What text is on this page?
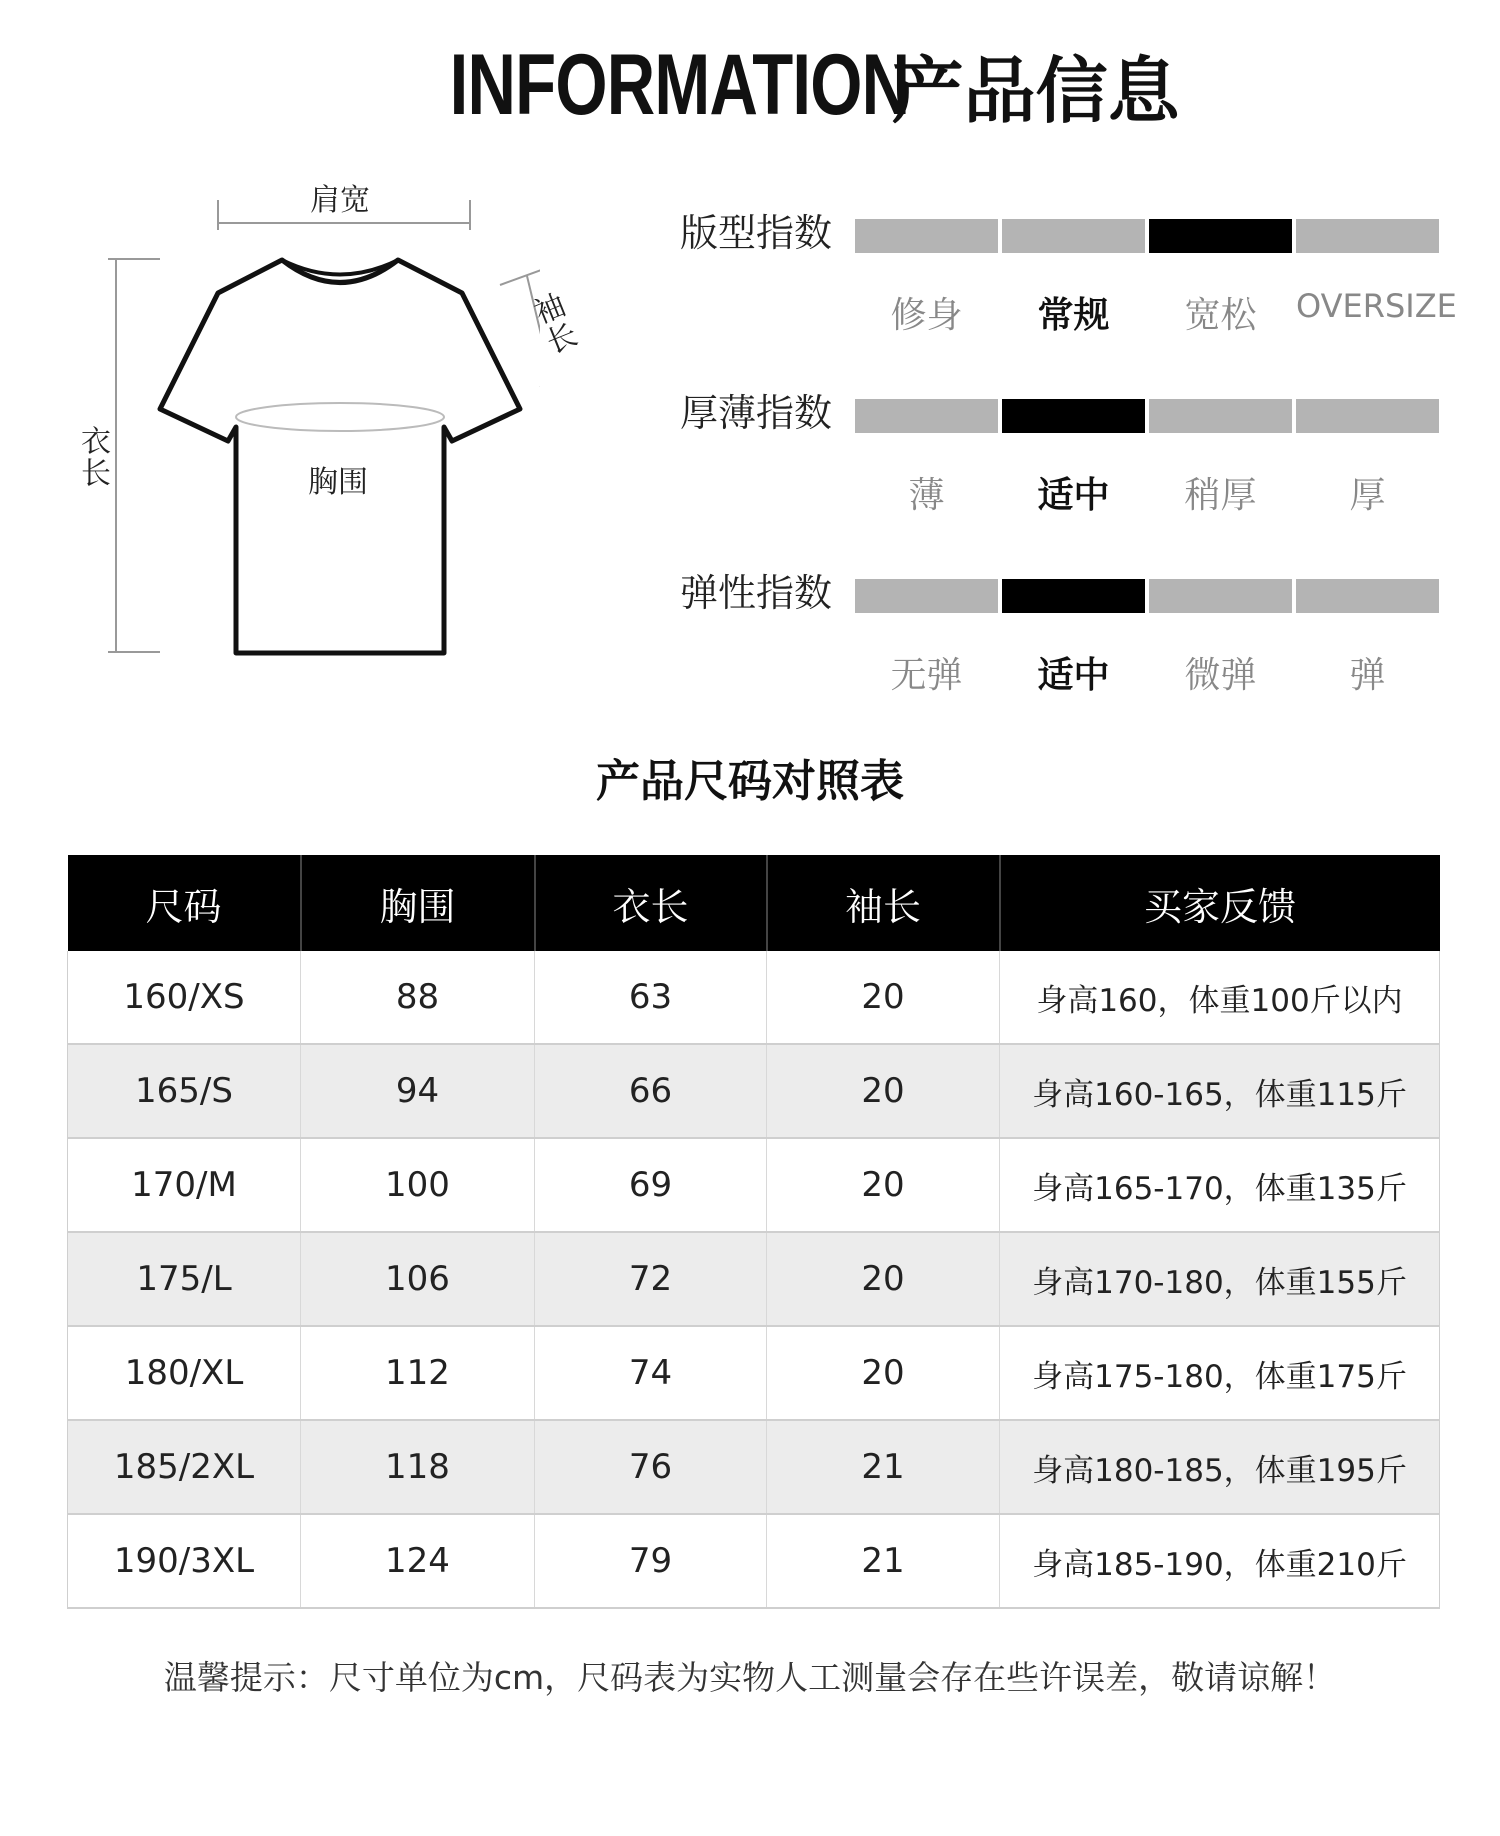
INFORMATION
产品信息
肩宽
袖长
衣长	胸围
版型指数
修身	常规	宽松	OVERSIZE
厚薄指数
薄	适中	稍厚	厚
弹性指数
无弹	适中	微弹	弹
产品尺码对照表
尺码	胸围	衣长	袖长	买家反馈
160/XS	88	63	20	身高160，体重100斤以内
165/S	94	66	20	身高160-165，体重115斤
170/M	100	69	20	身高165-170，体重135斤
175/L	106	72	20	身高170-180，体重155斤
180/XL	112	74	20	身高175-180，体重175斤
185/2XL	118	76	21	身高180-185，体重195斤
190/3XL	124	79	21	身高185-190，体重210斤
温馨提示：尺寸单位为cm，尺码表为实物人工测量会存在些许误差，敬请谅解！
